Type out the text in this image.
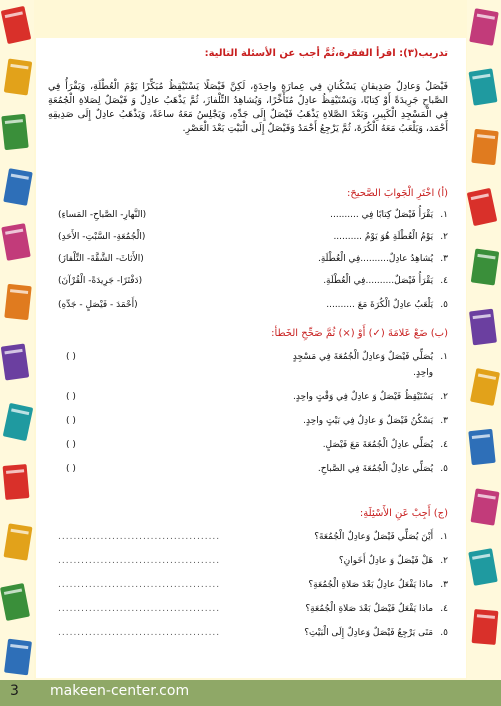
تدريب(٣): اقرأ الفقرة،ثُمَّ أجب عن الأسئلة التالية:
فَيْصَلٌ وَعادِلٌ صَدِيقانِ يَسْكُنانِ فِي عِمارَةٍ واحِدَةٍ، لَكِنَّ فَيْصَلًا يَسْتَيْقِظُ مُبَكِّرًا يَوْمَ الْعُطْلَةِ، وَيَقْرَأُ فِي الصَّباحِ جَرِيدَةً أَوْ كِتابًا، وَيَسْتَيْقِظُ عادِلٌ مُتَأَخِّرًا، وَيُشاهِدُ التِّلْفازَ، ثُمَّ يَذْهَبُ عادِلٌ وَ فَيْصَلٌ لِصَلاةِ الْجُمُعَةِ فِي الْمَسْجِدِ الْكَبِيرِ، وَبَعْدَ الصَّلاةِ يَذْهَبُ فَيْصَلٌ إِلَى جَدِّهِ، وَيَجْلِسُ مَعَهُ ساعَةً، وَيَذْهَبُ عادِلٌ إِلَى صَدِيقِهِ أَحْمَد، وَيَلْعَبُ مَعَهُ الْكُرَةَ، ثُمَّ يَرْجِعُ أَحْمَدُ وَفَيْصَلٌ إِلَى الْبَيْتِ بَعْدَ الْعَصْرِ.
(أ) اخْتَرِ الْجَوابَ الصَّحيحَ:
١. يَقْرَأُ فَيْصَلٌ كِتابًا فِي ..........
(النَّهارِ- الصَّباحِ- المَساءِ)
٢. يَوْمُ الْعُطْلَةِ هُوَ يَوْمُ ..........
(الْجُمُعَةِ- السَّبْتِ- الأَحَدِ)
٣. يُشاهِدُ عادِلٌ..........فِي الْعُطْلَةِ.
(الأَثاثَ- الشَّقَّةَ- التِّلْفازَ)
٤. يَقْرَأُ فَيْصَلٌ..........فِي الْعُطْلَةِ.
(دَفْتَرًا- جَرِيدَةً- الْقُرْآنَ)
٥. يَلْعَبُ عادِلٌ الْكُرَةَ مَعَ ..........
(أَحْمَدَ - فَيْصَلٍ - جَدِّهِ)
(ب) ضَعْ عَلامَةَ (✓) أَوْ (×) ثُمَّ صَحِّحِ الخَطأ:
١. يُصَلِّي فَيْصَلٌ وَعادِلٌ الْجُمُعَةَ فِي مَسْجِدٍ
( )
واحِدٍ.
٢. يَسْتَيْقِظُ فَيْصَلٌ وَ عادِلٌ فِي وَقْتٍ واحِدٍ.
( )
٣. يَسْكُنُ فَيْصَلٌ وَ عادِلٌ فِي بَيْتٍ واحِدٍ.
( )
٤. يُصَلِّي عادِلٌ الْجُمُعَةَ مَعَ فَيْصَلٍ.
( )
٥. يُصَلِّي عادِلٌ الْجُمُعَةَ فِي الصَّباحِ.
( )
(ج) أَجِبْ عَنِ الأَسْئِلَةِ:
١. أَيْنَ يُصَلِّي فَيْصَلٌ وَعادِلٌ الْجُمُعَةَ؟
..........................................
٢. هَلْ فَيْصَلٌ وَ عادِلٌ أَخَوانِ؟
..........................................
٣. ماذا يَفْعَلُ عادِلٌ بَعْدَ صَلاةِ الْجُمُعَةِ؟
..........................................
٤. ماذا يَفْعَلُ فَيْصَلٌ بَعْدَ صَلاةِ الْجُمُعَةِ؟
..........................................
٥. مَتَى يَرْجِعُ فَيْصَلٌ وَعادِلٌ إِلَى الْبَيْتِ؟
..........................................
3 makeen-center.com
